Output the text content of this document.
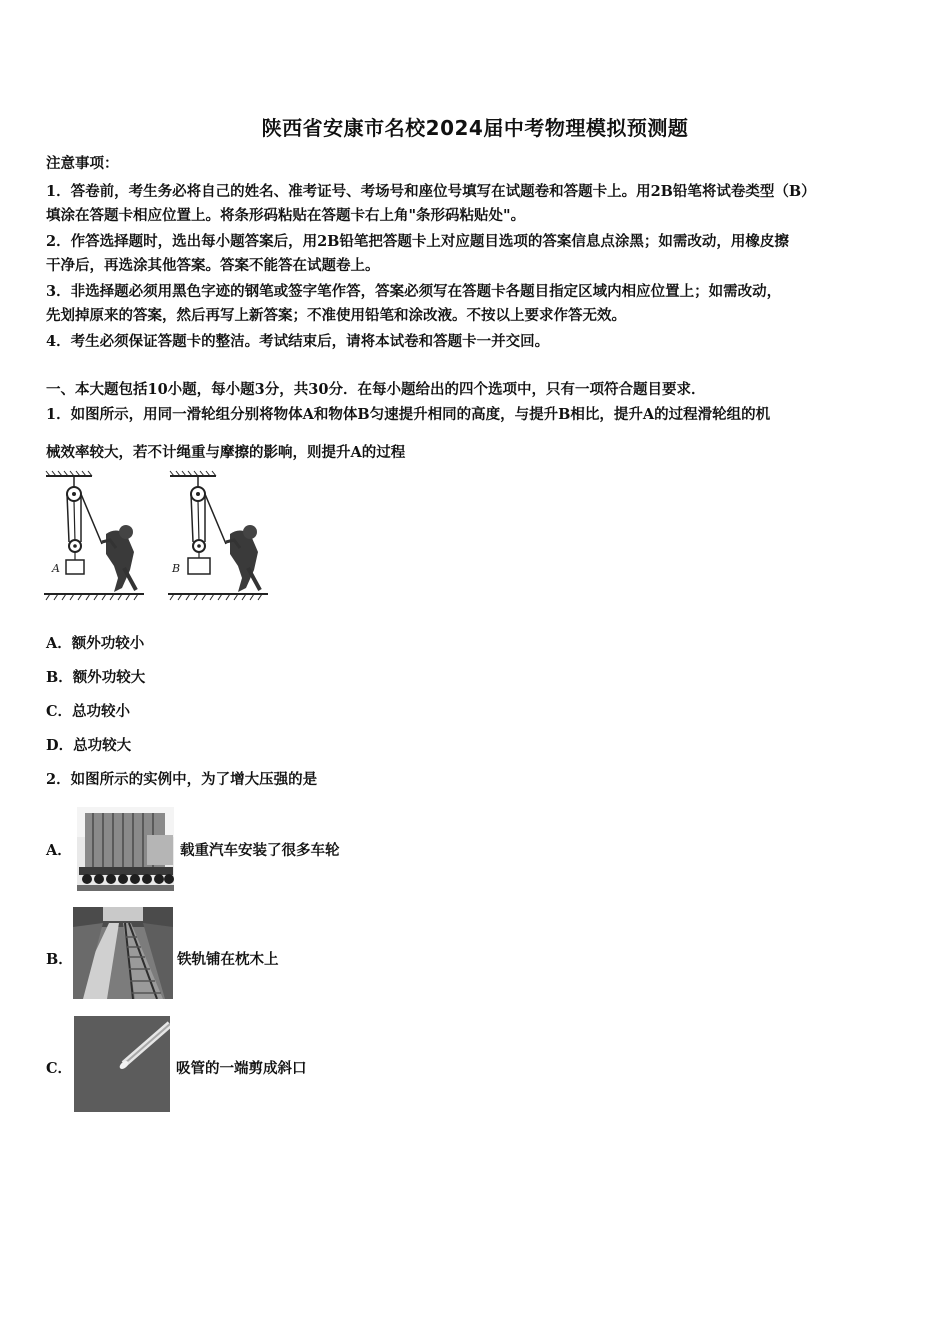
陕西省安康市名校2024届中考物理模拟预测题
注意事项：
1．答卷前，考生务必将自己的姓名、准考证号、考场号和座位号填写在试题卷和答题卡上。用2B铅笔将试卷类型（B）
填涂在答题卡相应位置上。将条形码粘贴在答题卡右上角"条形码粘贴处"。
2．作答选择题时，选出每小题答案后，用2B铅笔把答题卡上对应题目选项的答案信息点涂黑；如需改动，用橡皮擦
干净后，再选涂其他答案。答案不能答在试题卷上。
3．非选择题必须用黑色字迹的钢笔或签字笔作答，答案必须写在答题卡各题目指定区域内相应位置上；如需改动，
先划掉原来的答案，然后再写上新答案；不准使用铅笔和涂改液。不按以上要求作答无效。
4．考生必须保证答题卡的整洁。考试结束后，请将本试卷和答题卡一并交回。
一、本大题包括10小题，每小题3分，共30分．在每小题给出的四个选项中，只有一项符合题目要求．
1．如图所示，用同一滑轮组分别将物体A和物体B匀速提升相同的高度，与提升B相比，提升A的过程滑轮组的机
械效率较大，若不计绳重与摩擦的影响，则提升A的过程
A	B
A．额外功较小
B．额外功较大
C．总功较小
D．总功较大
2．如图所示的实例中，为了增大压强的是
A．	载重汽车安装了很多车轮
B．	铁轨铺在枕木上
C．	吸管的一端剪成斜口
